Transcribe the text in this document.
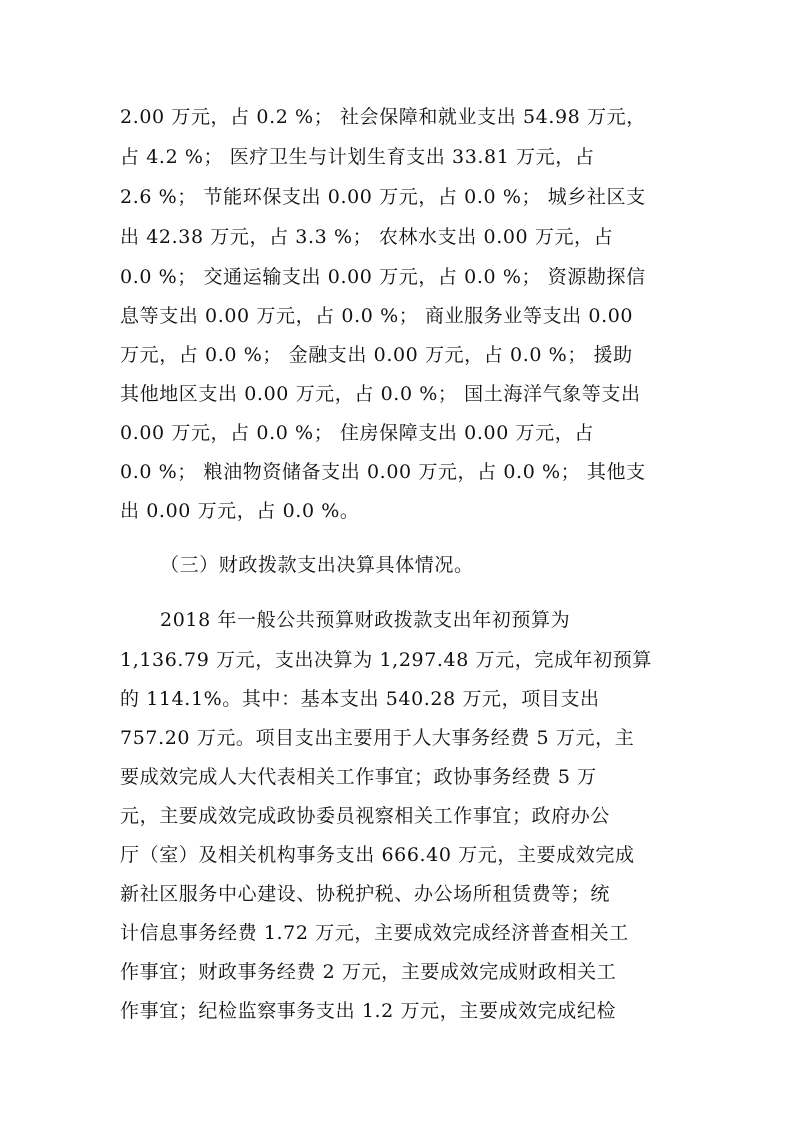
2.00 万元，占 0.2 %； 社会保障和就业支出 54.98 万元，

占 4.2 %； 医疗卫生与计划生育支出 33.81 万元，占

2.6 %； 节能环保支出 0.00 万元，占 0.0 %； 城乡社区支

出 42.38 万元，占 3.3 %； 农林水支出 0.00 万元，占

0.0 %； 交通运输支出 0.00 万元，占 0.0 %； 资源勘探信

息等支出 0.00 万元，占 0.0 %； 商业服务业等支出 0.00

万元，占 0.0 %； 金融支出 0.00 万元，占 0.0 %； 援助

其他地区支出 0.00 万元，占 0.0 %； 国土海洋气象等支出

0.00 万元，占 0.0 %； 住房保障支出 0.00 万元，占

0.0 %； 粮油物资储备支出 0.00 万元，占 0.0 %； 其他支

出 0.00 万元，占 0.0 %。

（三）财政拨款支出决算具体情况。

2018 年一般公共预算财政拨款支出年初预算为

1,136.79 万元，支出决算为 1,297.48 万元，完成年初预算

的 114.1%。其中：基本支出 540.28 万元，项目支出

757.20 万元。项目支出主要用于人大事务经费 5 万元，主

要成效完成人大代表相关工作事宜；政协事务经费 5 万

元，主要成效完成政协委员视察相关工作事宜；政府办公

厅（室）及相关机构事务支出 666.40 万元，主要成效完成

新社区服务中心建设、协税护税、办公场所租赁费等；统

计信息事务经费 1.72 万元，主要成效完成经济普查相关工

作事宜；财政事务经费 2 万元，主要成效完成财政相关工

作事宜；纪检监察事务支出 1.2 万元，主要成效完成纪检
